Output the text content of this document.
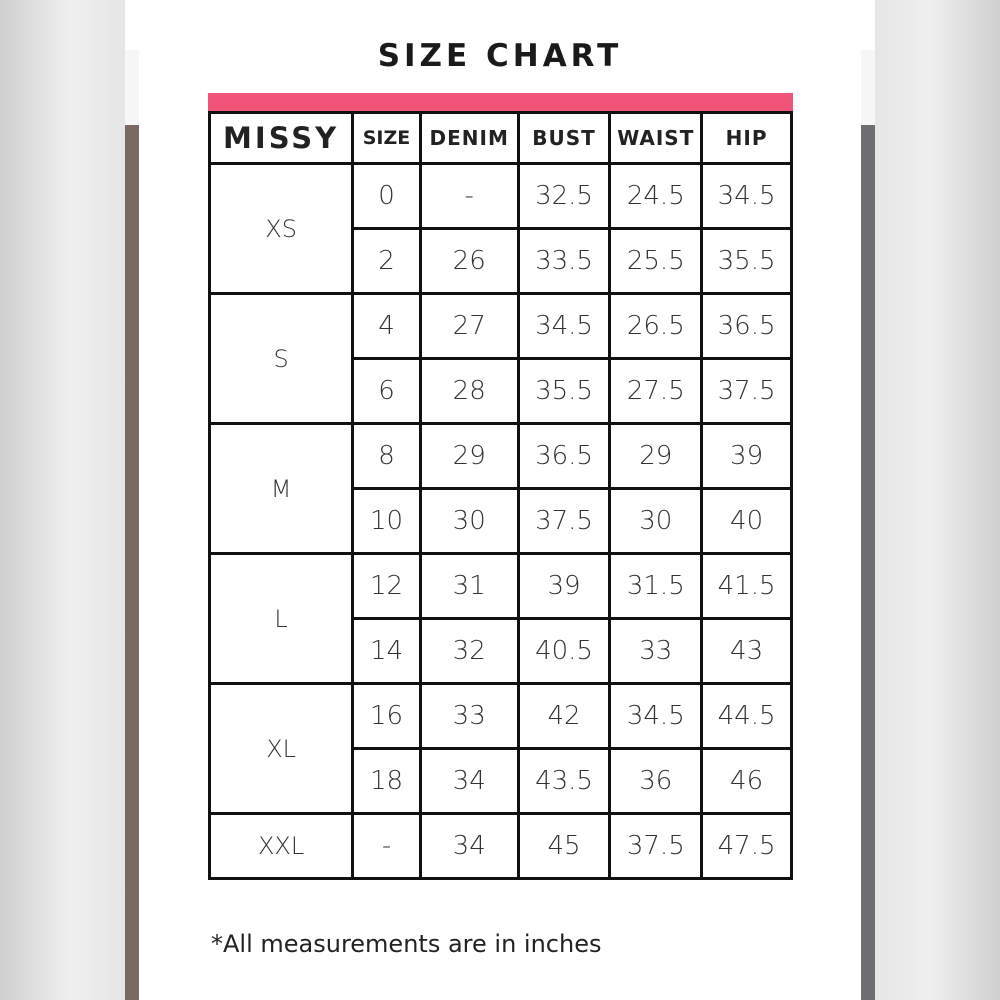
SIZE CHART
MISSY	SIZE	DENIM	BUST	WAIST	HIP
XS	0	-	32.5	24.5	34.5
	2	26	33.5	25.5	35.5
S	4	27	34.5	26.5	36.5
	6	28	35.5	27.5	37.5
M	8	29	36.5	29	39
	10	30	37.5	30	40
L	12	31	39	31.5	41.5
	14	32	40.5	33	43
XL	16	33	42	34.5	44.5
	18	34	43.5	36	46
XXL	-	34	45	37.5	47.5
*All measurements are in inches
